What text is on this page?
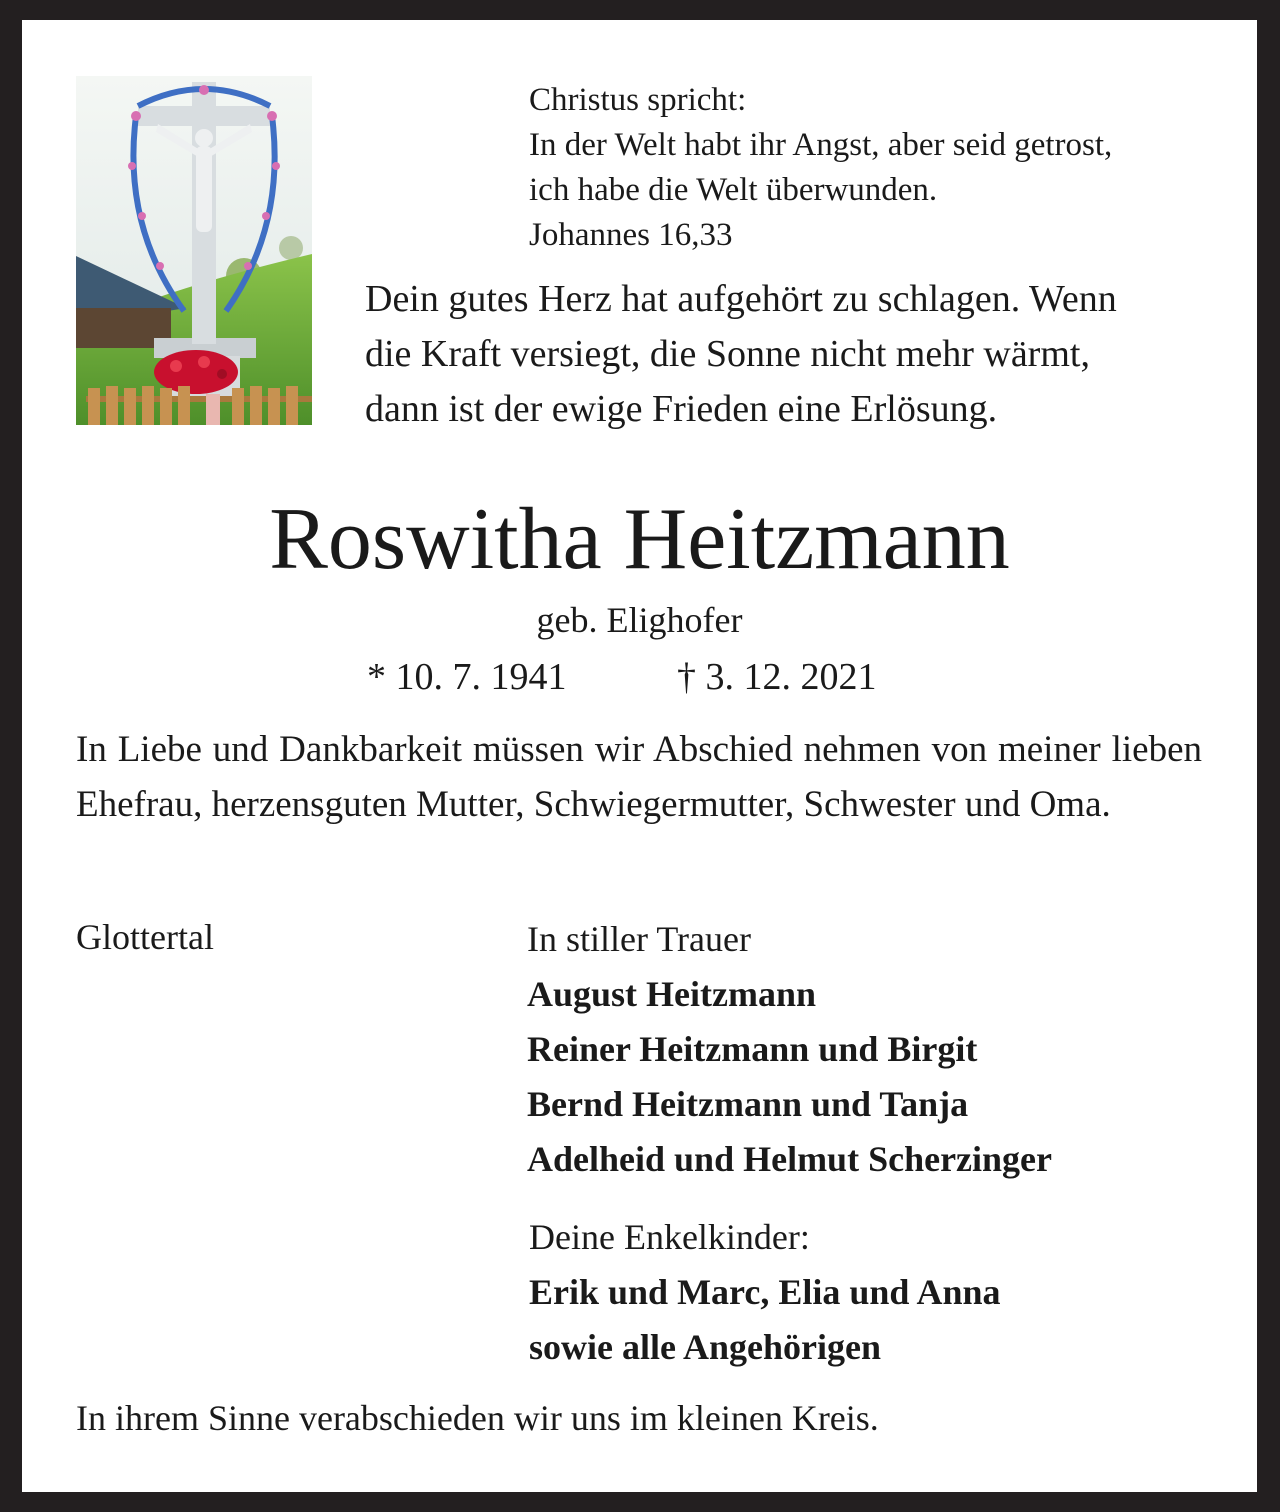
Christus spricht:
In der Welt habt ihr Angst, aber seid getrost,
ich habe die Welt überwunden.
Johannes 16,33
Dein gutes Herz hat aufgehört zu schlagen. Wenn
die Kraft versiegt, die Sonne nicht mehr wärmt,
dann ist der ewige Frieden eine Erlösung.
Roswitha Heitzmann
geb. Elighofer
* 10. 7. 1941	† 3. 12. 2021
In Liebe und Dankbarkeit müssen wir Abschied nehmen von meiner lieben Ehefrau, herzensguten Mutter, Schwiegermutter, Schwester und Oma.
Glottertal	In stiller Trauer
August Heitzmann
Reiner Heitzmann und Birgit
Bernd Heitzmann und Tanja
Adelheid und Helmut Scherzinger
Deine Enkelkinder:
Erik und Marc, Elia und Anna
sowie alle Angehörigen
In ihrem Sinne verabschieden wir uns im kleinen Kreis.
